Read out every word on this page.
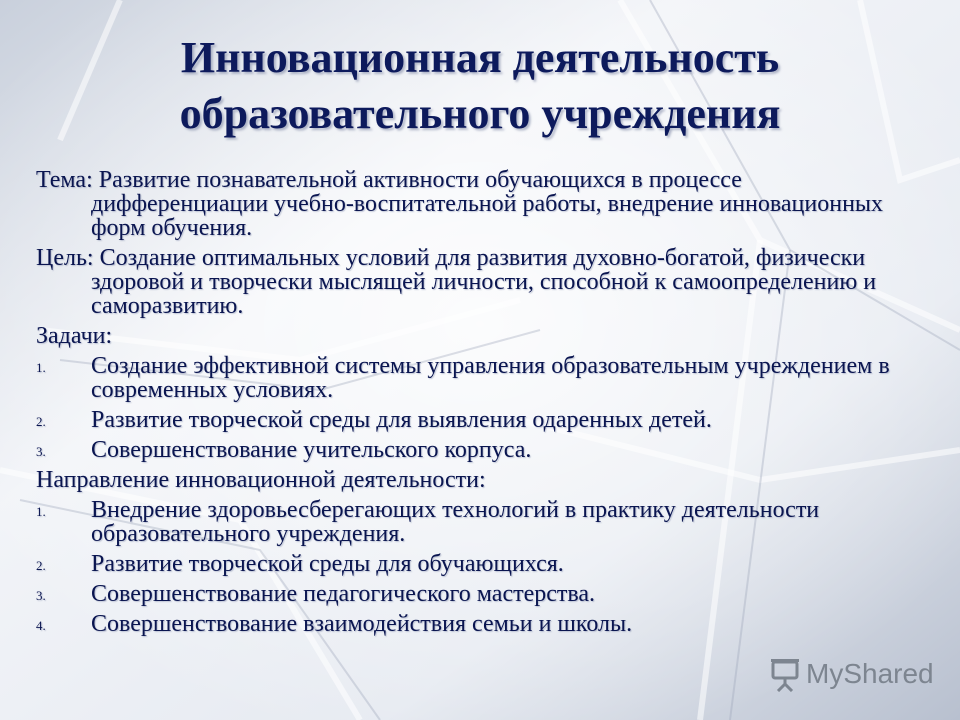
Инновационная деятельность
образовательного учреждения

Тема: Развитие познавательной активности обучающихся в процессе дифференциации учебно-воспитательной работы, внедрение инновационных форм обучения.

Цель: Создание оптимальных условий для развития духовно-богатой, физически здоровой и творчески мыслящей личности, способной к самоопределению и саморазвитию.

Задачи:

1. Создание эффективной системы управления образовательным учреждением в современных условиях.
2. Развитие творческой среды для выявления одаренных детей.
3. Совершенствование учительского корпуса.

Направление инновационной деятельности:

1. Внедрение здоровьесберегающих технологий в практику деятельности образовательного учреждения.
2. Развитие творческой среды для обучающихся.
3. Совершенствование педагогического мастерства.
4. Совершенствование взаимодействия семьи и школы.
MyShared
